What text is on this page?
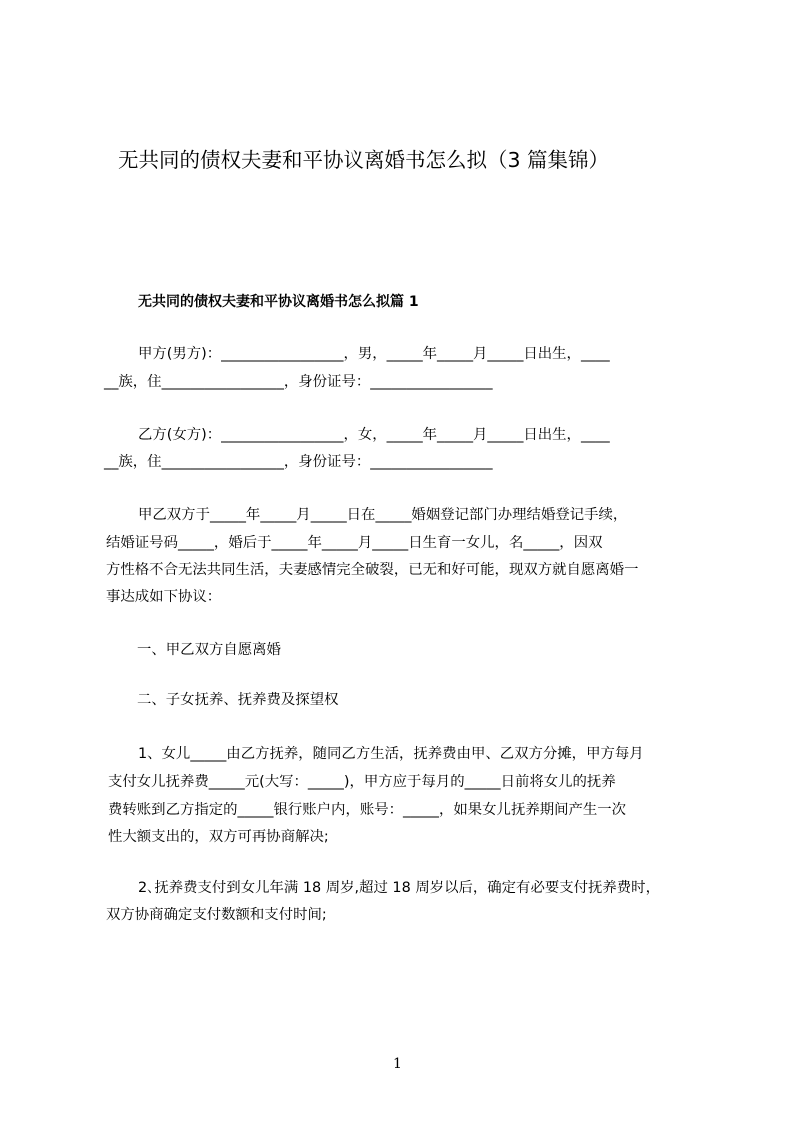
无共同的债权夫妻和平协议离婚书怎么拟（3 篇集锦）
无共同的债权夫妻和平协议离婚书怎么拟篇 1
甲方(男方)：_________________，男，_____年_____月_____日出生，____
__族，住_________________，身份证号：_________________
乙方(女方)：_________________，女，_____年_____月_____日出生，____
__族，住_________________，身份证号：_________________
甲乙双方于_____年_____月_____日在_____婚姻登记部门办理结婚登记手续，
结婚证号码_____，婚后于_____年_____月_____日生育一女儿，名_____，因双
方性格不合无法共同生活，夫妻感情完全破裂，已无和好可能，现双方就自愿离婚一
事达成如下协议：
一、甲乙双方自愿离婚
二、子女抚养、抚养费及探望权
1、女儿_____由乙方抚养，随同乙方生活，抚养费由甲、乙双方分摊，甲方每月
支付女儿抚养费_____元(大写：_____)，甲方应于每月的_____日前将女儿的抚养
费转账到乙方指定的_____银行账户内，账号：_____，如果女儿抚养期间产生一次
性大额支出的，双方可再协商解决;
2､抚养费支付到女儿年满 18 周岁,超过 18 周岁以后，确定有必要支付抚养费时，
双方协商确定支付数额和支付时间;
1
